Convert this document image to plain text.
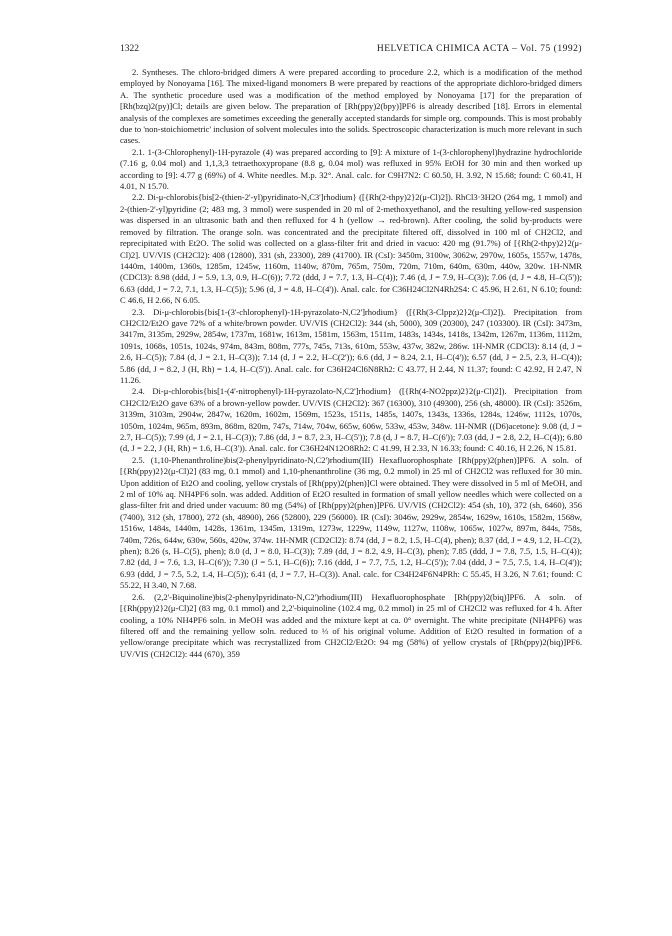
1322	HELVETICA CHIMICA ACTA – Vol. 75 (1992)

2. Syntheses. The chloro-bridged dimers A were prepared according to procedure 2.2, which is a modification of the method employed by Nonoyama [16]. The mixed-ligand monomers B were prepared by reactions of the appropriate dichloro-bridged dimers A. The synthetic procedure used was a modification of the method employed by Nonoyama [17] for the preparation of [Rh(bzq)2(py)]Cl; details are given below. The preparation of [Rh(ppy)2(bpy)]PF6 is already described [18]. Errors in elemental analysis of the complexes are sometimes exceeding the generally accepted standards for simple org. compounds. This is most probably due to 'non-stoichiometric' inclusion of solvent molecules into the solids. Spectroscopic characterization is much more relevant in such cases.

2.1. 1-(3-Chlorophenyl)-1H-pyrazole (4) was prepared according to [9]: A mixture of 1-(3-chlorophenyl)hydrazine hydrochloride (7.16 g, 0.04 mol) and 1,1,3,3 tetraethoxypropane (8.8 g, 0.04 mol) was refluxed in 95% EtOH for 30 min and then worked up according to [9]: 4.77 g (69%) of 4. White needles. M.p. 32°. Anal. calc. for C9H7N2: C 60.50, H. 3.92, N 15.68; found: C 60.41, H 4.01, N 15.70.

2.2. Di-μ-chlorobis{bis[2-(thien-2'-yl)pyridinato-N,C3']rhodium} ([{Rh(2-thpy)2}2(μ-Cl)2]). RhCl3·3H2O (264 mg, 1 mmol) and 2-(thien-2'-yl)pyridine (2; 483 mg, 3 mmol) were suspended in 20 ml of 2-methoxyethanol, and the resulting yellow-red suspension was dispersed in an ultrasonic bath and then refluxed for 4 h (yellow → red-brown). After cooling, the solid by-products were removed by filtration. The orange soln. was concentrated and the precipitate filtered off, dissolved in 100 ml of CH2Cl2, and reprecipitated with Et2O. The solid was collected on a glass-filter frit and dried in vacuo: 420 mg (91.7%) of [{Rh(2-thpy)2}2(μ-Cl)2]. UV/VIS (CH2Cl2): 408 (12800), 331 (sh, 23300), 289 (41700). IR (CsI): 3450m, 3100w, 3062w, 2970w, 1605s, 1557w, 1478s, 1440m, 1400m, 1360s, 1285m, 1245w, 1160m, 1140w, 870m, 765m, 750m, 720m, 710m, 640m, 630m, 440w, 320w. 1H-NMR (CDCl3): 8.98 (ddd, J = 5.9, 1.3, 0.9, H–C(6)); 7.72 (ddd, J = 7.7, 1.3, H–C(4)); 7.46 (d, J = 7.9, H–C(3)); 7.06 (d, J = 4.8, H–C(5')); 6.63 (ddd, J = 7.2, 7.1, 1.3, H–C(5)); 5.96 (d, J = 4.8, H–C(4')). Anal. calc. for C36H24Cl2N4Rh2S4: C 45.96, H 2.61, N 6.10; found: C 46.6, H 2.66, N 6.05.

2.3. Di-μ-chlorobis{bis[1-(3'-chlorophenyl)-1H-pyrazolato-N,C2']rhodium} ([{Rh(3-Clppz)2}2(μ-Cl)2]). Precipitation from CH2Cl2/Et2O gave 72% of a white/brown powder. UV/VIS (CH2Cl2): 344 (sh, 5000), 309 (20300), 247 (103300). IR (CsI): 3473m, 3417m, 3135m, 2929w, 2854w, 1737m, 1681w, 1613m, 1581m, 1563m, 1511m, 1483s, 1434s, 1418s, 1342m, 1267m, 1136m, 1112m, 1091s, 1068s, 1051s, 1024s, 974m, 843m, 808m, 777s, 745s, 713s, 610m, 553w, 437w, 382w, 286w. 1H-NMR (CDCl3): 8.14 (d, J = 2.6, H–C(5)); 7.84 (d, J = 2.1, H–C(3)); 7.14 (d, J = 2.2, H–C(2')); 6.6 (dd, J = 8.24, 2.1, H–C(4')); 6.57 (dd, J = 2.5, 2.3, H–C(4)); 5.86 (dd, J = 8.2, J (H, Rh) = 1.4, H–C(5')). Anal. calc. for C36H24Cl6N8Rh2: C 43.77, H 2.44, N 11.37; found: C 42.92, H 2.47, N 11.26.

2.4. Di-μ-chlorobis{bis[1-(4'-nitrophenyl)-1H-pyrazolato-N,C2']rhodium} ([{Rh(4-NO2ppz)2}2(μ-Cl)2]). Precipitation from CH2Cl2/Et2O gave 63% of a brown-yellow powder. UV/VIS (CH2Cl2): 367 (16300), 310 (49300), 256 (sh, 48000). IR (CsI): 3526m, 3139m, 3103m, 2904w, 2847w, 1620m, 1602m, 1569m, 1523s, 1511s, 1485s, 1407s, 1343s, 1336s, 1284s, 1246w, 1112s, 1070s, 1050m, 1024m, 965m, 893m, 868m, 820m, 747s, 714w, 704w, 665w, 606w, 533w, 453w, 348w. 1H-NMR ((D6)acetone): 9.08 (d, J = 2.7, H–C(5)); 7.99 (d, J = 2.1, H–C(3)); 7.86 (dd, J = 8.7, 2.3, H–C(5')); 7.8 (d, J = 8.7, H–C(6')); 7.03 (dd, J = 2.8, 2.2, H–C(4)); 6.80 (d, J = 2.2, J (H, Rh) = 1.6, H–C(3')). Anal. calc. for C36H24N12O8Rh2: C 41.99, H 2.33, N 16.33; found: C 40.16, H 2.26, N 15.81.

2.5. (1,10-Phenanthroline)bis(2-phenylpyridinato-N,C2')rhodium(III) Hexafluorophosphate [Rh(ppy)2(phen)]PF6. A soln. of [{Rh(ppy)2}2(μ-Cl)2] (83 mg, 0.1 mmol) and 1,10-phenanthroline (36 mg, 0.2 mmol) in 25 ml of CH2Cl2 was refluxed for 30 min. Upon addition of Et2O and cooling, yellow crystals of [Rh(ppy)2(phen)]Cl were obtained. They were dissolved in 5 ml of MeOH, and 2 ml of 10% aq. NH4PF6 soln. was added. Addition of Et2O resulted in formation of small yellow needles which were collected on a glass-filter frit and dried under vacuum: 80 mg (54%) of [Rh(ppy)2(phen)]PF6. UV/VIS (CH2Cl2): 454 (sh, 10), 372 (sh, 6460), 356 (7400), 312 (sh, 17800), 272 (sh, 48900), 266 (52800), 229 (56000). IR (CsI): 3046w, 2929w, 2854w, 1629w, 1610s, 1582m, 1568w, 1516w, 1484s, 1440m, 1428s, 1361m, 1345m, 1319m, 1273w, 1229w, 1149w, 1127w, 1108w, 1065w, 1027w, 897m, 844s, 758s, 740m, 726s, 644w, 630w, 560s, 420w, 374w. 1H-NMR (CD2Cl2): 8.74 (dd, J = 8.2, 1.5, H–C(4), phen); 8.37 (dd, J = 4.9, 1.2, H–C(2), phen); 8.26 (s, H–C(5), phen); 8.0 (d, J = 8.0, H–C(3)); 7.89 (dd, J = 8.2, 4.9, H–C(3), phen); 7.85 (ddd, J = 7.8, 7.5, 1.5, H–C(4)); 7.82 (dd, J = 7.6, 1.3, H–C(6')); 7.30 (J = 5.1, H–C(6)); 7.16 (ddd, J = 7.7, 7.5, 1.2, H–C(5')); 7.04 (ddd, J = 7.5, 7.5, 1.4, H–C(4')); 6.93 (ddd, J = 7.5, 5.2, 1.4, H–C(5)); 6.41 (d, J = 7.7, H–C(3)). Anal. calc. for C34H24F6N4PRh: C 55.45, H 3.26, N 7.61; found: C 55.22, H 3.40, N 7.68.

2.6. (2,2'-Biquinoline)bis(2-phenylpyridinato-N,C2')rhodium(III) Hexafluorophosphate [Rh(ppy)2(biq)]PF6. A soln. of [{Rh(ppy)2}2(μ-Cl)2] (83 mg, 0.1 mmol) and 2,2'-biquinoline (102.4 mg, 0.2 mmol) in 25 ml of CH2Cl2 was refluxed for 4 h. After cooling, a 10% NH4PF6 soln. in MeOH was added and the mixture kept at ca. 0° overnight. The white precipitate (NH4PF6) was filtered off and the remaining yellow soln. reduced to ⅓ of his original volume. Addition of Et2O resulted in formation of a yellow/orange precipitate which was recrystallized from CH2Cl2/Et2O: 94 mg (58%) of yellow crystals of [Rh(ppy)2(biq)]PF6. UV/VIS (CH2Cl2): 444 (670), 359
